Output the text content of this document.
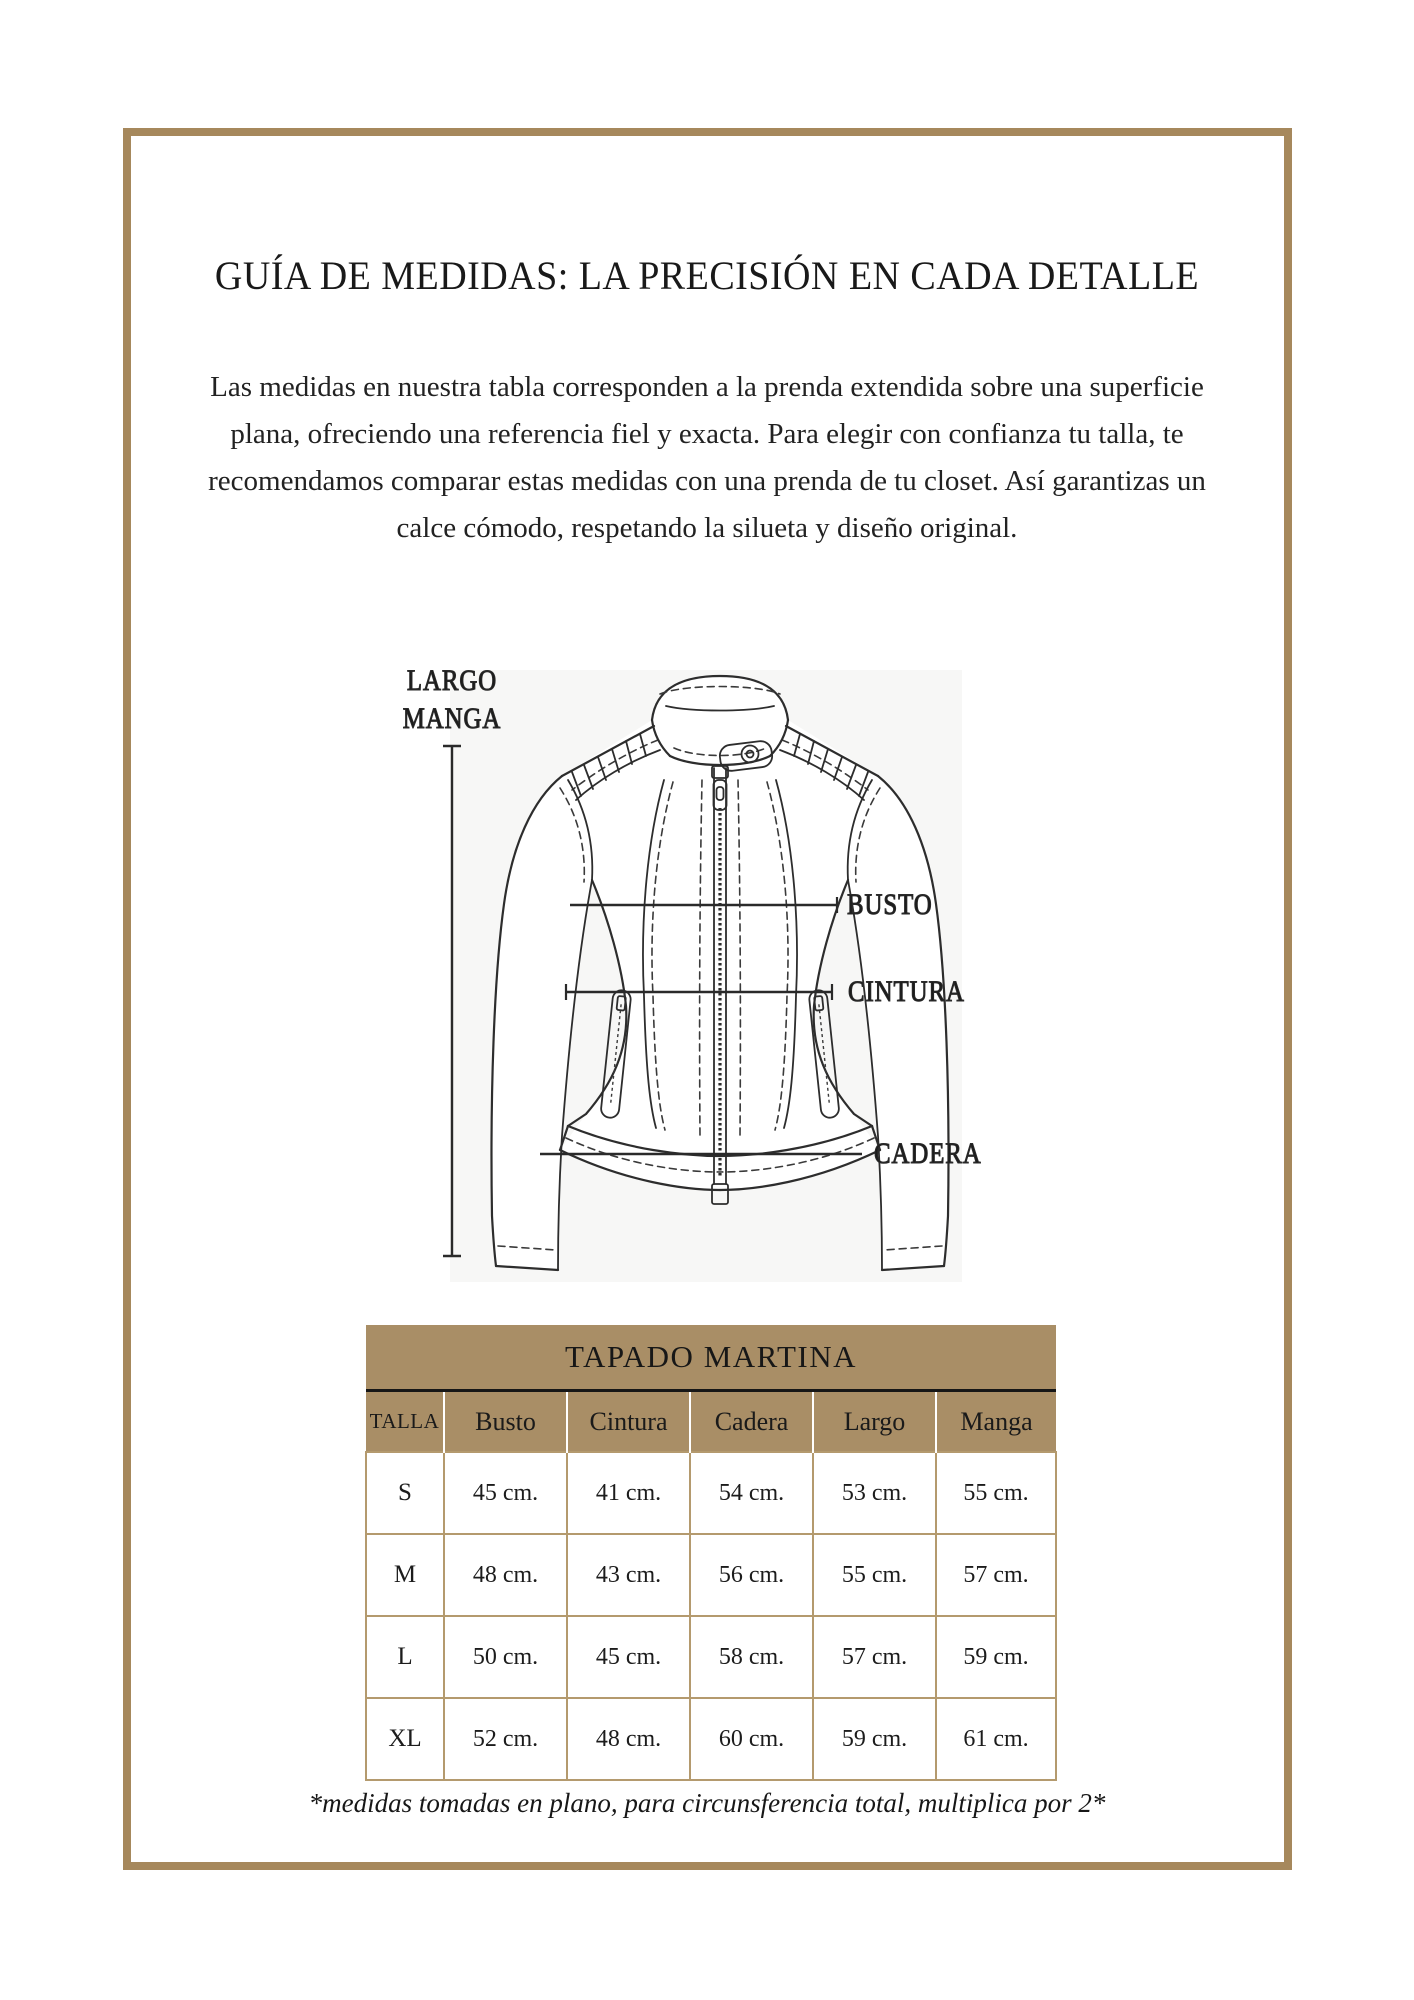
GUÍA DE MEDIDAS: LA PRECISIÓN EN CADA DETALLE
Las medidas en nuestra tabla corresponden a la prenda extendida sobre una superficie plana, ofreciendo una referencia fiel y exacta. Para elegir con confianza tu talla, te recomendamos comparar estas medidas con una prenda de tu closet. Así garantizas un calce cómodo, respetando la silueta y diseño original.
LARGO
MANGA
BUSTO
CINTURA
CADERA
TAPADO MARTINA					
TALLA	Busto	Cintura	Cadera	Largo	Manga
S	45 cm.	41 cm.	54 cm.	53 cm.	55 cm.
M	48 cm.	43 cm.	56 cm.	55 cm.	57 cm.
L	50 cm.	45 cm.	58 cm.	57 cm.	59 cm.
XL	52 cm.	48 cm.	60 cm.	59 cm.	61 cm.
*medidas tomadas en plano, para circunsferencia total, multiplica por 2*
